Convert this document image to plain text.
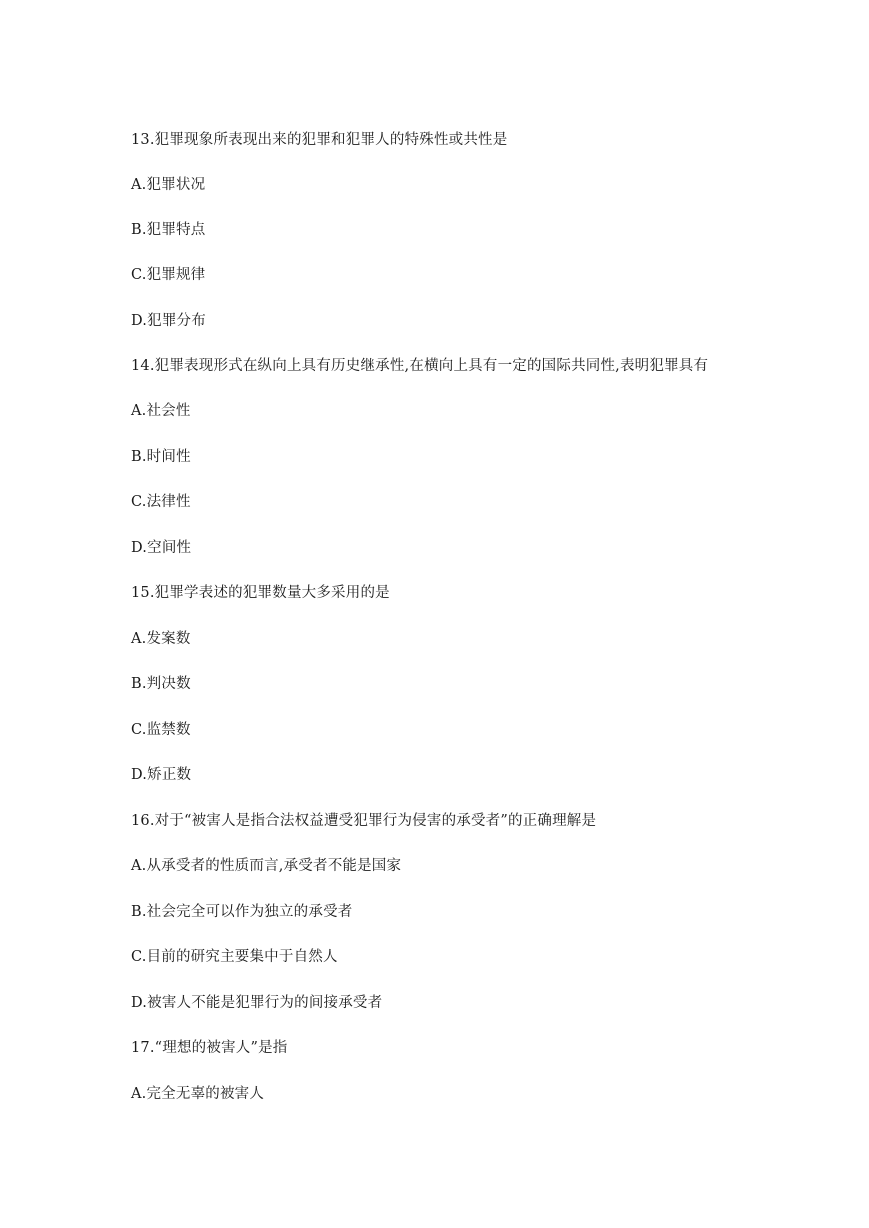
13.犯罪现象所表现出来的犯罪和犯罪人的特殊性或共性是
A.犯罪状况
B.犯罪特点
C.犯罪规律
D.犯罪分布
14.犯罪表现形式在纵向上具有历史继承性,在横向上具有一定的国际共同性,表明犯罪具有
A.社会性
B.时间性
C.法律性
D.空间性
15.犯罪学表述的犯罪数量大多采用的是
A.发案数
B.判决数
C.监禁数
D.矫正数
16.对于“被害人是指合法权益遭受犯罪行为侵害的承受者”的正确理解是
A.从承受者的性质而言,承受者不能是国家
B.社会完全可以作为独立的承受者
C.目前的研究主要集中于自然人
D.被害人不能是犯罪行为的间接承受者
17.“理想的被害人”是指
A.完全无辜的被害人
